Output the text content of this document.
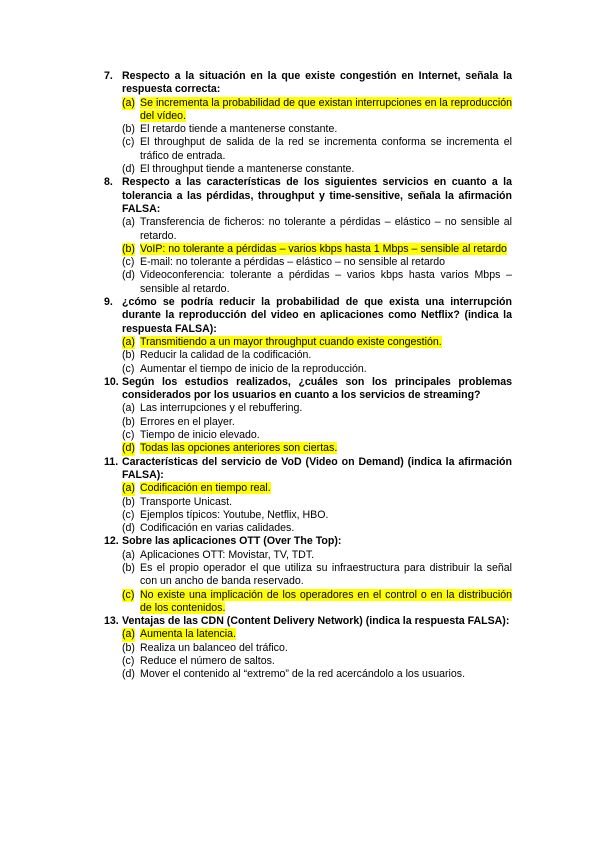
7. Respecto a la situación en la que existe congestión en Internet, señala la respuesta correcta:
(a) Se incrementa la probabilidad de que existan interrupciones en la reproducción del vídeo.
(b) El retardo tiende a mantenerse constante.
(c) El throughput de salida de la red se incrementa conforma se incrementa el tráfico de entrada.
(d) El throughput tiende a mantenerse constante.
8. Respecto a las características de los siguientes servicios en cuanto a la tolerancia a las pérdidas, throughput y time-sensitive, señala la afirmación FALSA:
(a) Transferencia de ficheros: no tolerante a pérdidas – elástico – no sensible al retardo.
(b) VoIP: no tolerante a pérdidas – varios kbps hasta 1 Mbps – sensible al retardo
(c) E-mail: no tolerante a pérdidas – elástico – no sensible al retardo
(d) Videoconferencia: tolerante a pérdidas – varios kbps hasta varios Mbps – sensible al retardo.
9. ¿cómo se podría reducir la probabilidad de que exista una interrupción durante la reproducción del video en aplicaciones como Netflix? (indica la respuesta FALSA):
(a) Transmitiendo a un mayor throughput cuando existe congestión.
(b) Reducir la calidad de la codificación.
(c) Aumentar el tiempo de inicio de la reproducción.
10. Según los estudios realizados, ¿cuáles son los principales problemas considerados por los usuarios en cuanto a los servicios de streaming?
(a) Las interrupciones y el rebuffering.
(b) Errores en el player.
(c) Tiempo de inicio elevado.
(d) Todas las opciones anteriores son ciertas.
11. Características del servicio de VoD (Video on Demand) (indica la afirmación FALSA):
(a) Codificación en tiempo real.
(b) Transporte Unicast.
(c) Ejemplos típicos: Youtube, Netflix, HBO.
(d) Codificación en varias calidades.
12. Sobre las aplicaciones OTT (Over The Top):
(a) Aplicaciones OTT: Movistar, TV, TDT.
(b) Es el propio operador el que utiliza su infraestructura para distribuir la señal con un ancho de banda reservado.
(c) No existe una implicación de los operadores en el control o en la distribución de los contenidos.
13. Ventajas de las CDN (Content Delivery Network) (indica la respuesta FALSA):
(a) Aumenta la latencia.
(b) Realiza un balanceo del tráfico.
(c) Reduce el número de saltos.
(d) Mover el contenido al “extremo” de la red acercándolo a los usuarios.
